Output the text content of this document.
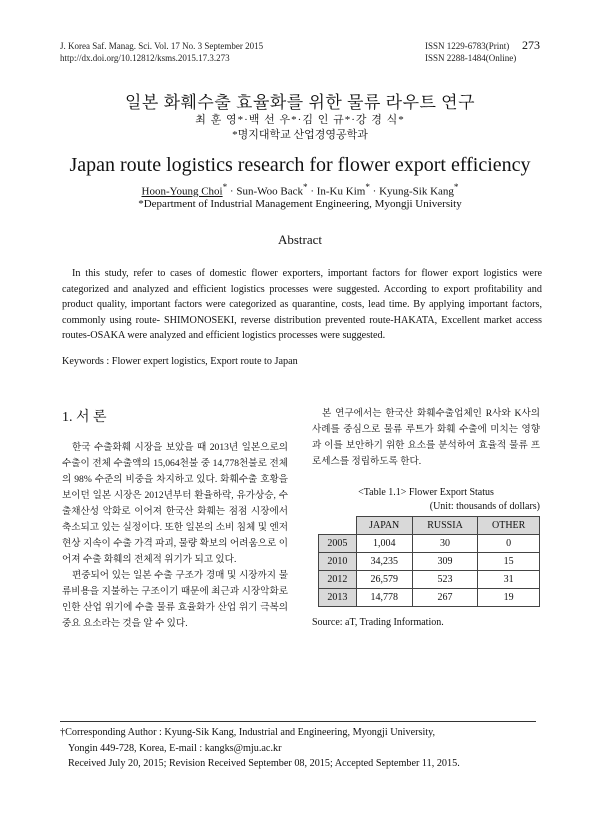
J. Korea Saf. Manag. Sci. Vol. 17 No. 3 September 2015
http://dx.doi.org/10.12812/ksms.2015.17.3.273
ISSN 1229-6783(Print)
ISSN 2288-1484(Online)
273
일본 화훼수출 효율화를 위한 물류 라우트 연구
최 훈 영*·백 선 우*·김 인 규*·강 경 식*
*명지대학교 산업경영공학과
Japan route logistics research for flower export efficiency
Hoon-Young Choi* · Sun-Woo Back* · In-Ku Kim* · Kyung-Sik Kang*
*Department of Industrial Management Engineering, Myongji University
Abstract
In this study, refer to cases of domestic flower exporters, important factors for flower export logistics were categorized and analyzed and efficient logistics processes were suggested. According to export profitability and product quality, important factors were categorized as quarantine, costs, lead time. By applying important factors, commonly using route- SHIMONOSEKI, reverse distribution prevented route-HAKATA, Excellent market access routes-OSAKA were analyzed and efficient logistics processes were suggested.
Keywords : Flower expert logistics, Export route to Japan
1. 서 론

한국 수출화훼 시장을 보았을 때 2013년 일본으로의 수출이 전체 수출액의 15,064천불 중 14,778천불로 전체의 98% 수준의 비중을 차지하고 있다. 화훼수출 호황을 보이던 일본 시장은 2012년부터 환율하락, 유가상승, 수출채산성 악화로 이어져 한국산 화훼는 점점 시장에서 축소되고 있는 실정이다. 또한 일본의 소비 침체 및 엔저 현상 지속이 수출 가격 파괴, 물량 확보의 어려움으로 이어져 수출 화훼의 전체적 위기가 되고 있다.

편중되어 있는 일본 수출 구조가 경매 및 시장까지 물류비용을 지불하는 구조이기 때문에 최근과 시장악화로 인한 산업 위기에 수출 물류 효율화가 산업 위기 극복의 중요 요소라는 것을 알 수 있다.

본 연구에서는 한국산 화훼수출업체인 R사와 K사의 사례를 중심으로 물류 루트가 화훼 수출에 미치는 영향과 이를 보안하기 위한 요소를 분석하여 효율적 물류 프로세스를 정립하도록 한다.

<Table 1.1> Flower Export Status
(Unit: thousands of dollars)
	JAPAN	RUSSIA	OTHER
2005	1,004	30	0
2010	34,235	309	15
2012	26,579	523	31
2013	14,778	267	19
Source: aT, Trading Information.
†Corresponding Author : Kyung-Sik Kang, Industrial and Engineering, Myongji University,
Yongin 449-728, Korea, E-mail : kangks@mju.ac.kr
Received July 20, 2015; Revision Received September 08, 2015; Accepted September 11, 2015.
